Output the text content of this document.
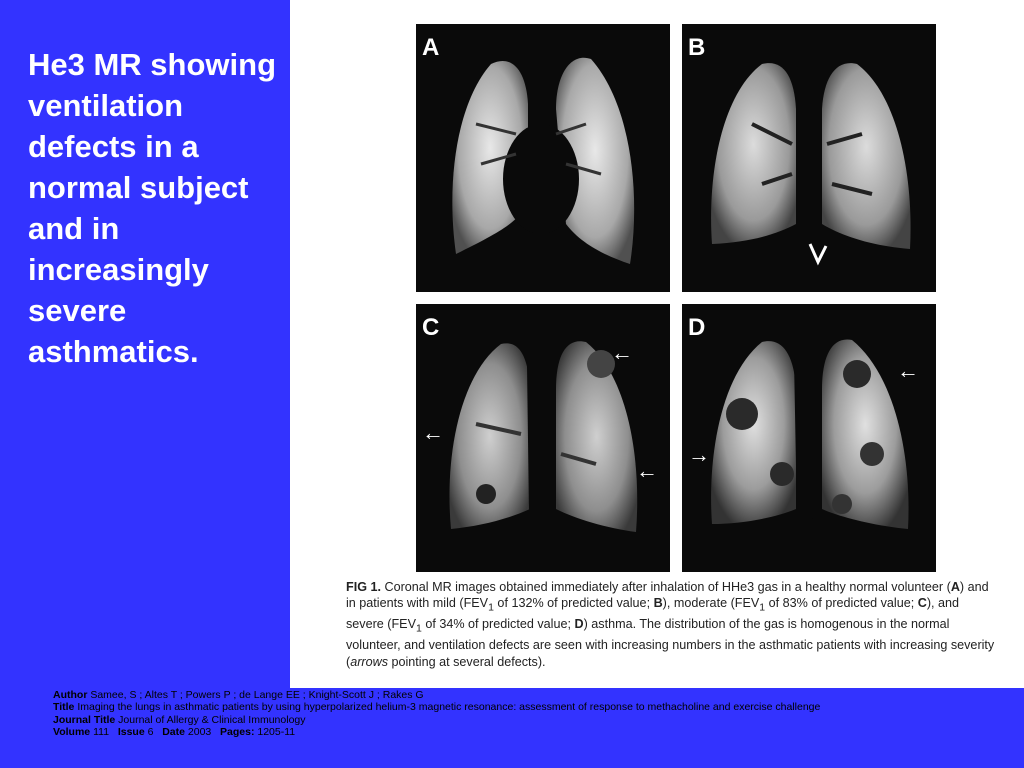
He3 MR showing ventilation defects in a normal subject and in increasingly severe asthmatics.
A	B
C
←
←
←
D
←
←
FIG 1. Coronal MR images obtained immediately after inhalation of HHe3 gas in a healthy normal volunteer (A) and in patients with mild ($FEV_1$ of 132% of predicted value; B), moderate ($FEV_1$ of 83% of predicted value; C), and severe ($FEV_1$ of 34% of predicted value; D) asthma. The distribution of the gas is homogenous in the normal volunteer, and ventilation defects are seen with increasing numbers in the asthmatic patients with increasing severity (arrows pointing at several defects).
Author Samee, S ; Altes T ; Powers P ; de Lange EE ; Knight-Scott J ; Rakes G
Title Imaging the lungs in asthmatic patients by using hyperpolarized helium-3 magnetic resonance: assessment of response to methacholine and exercise challenge
Journal Title Journal of Allergy & Clinical Immunology
Volume 111 Issue 6 Date 2003 Pages: 1205-11
